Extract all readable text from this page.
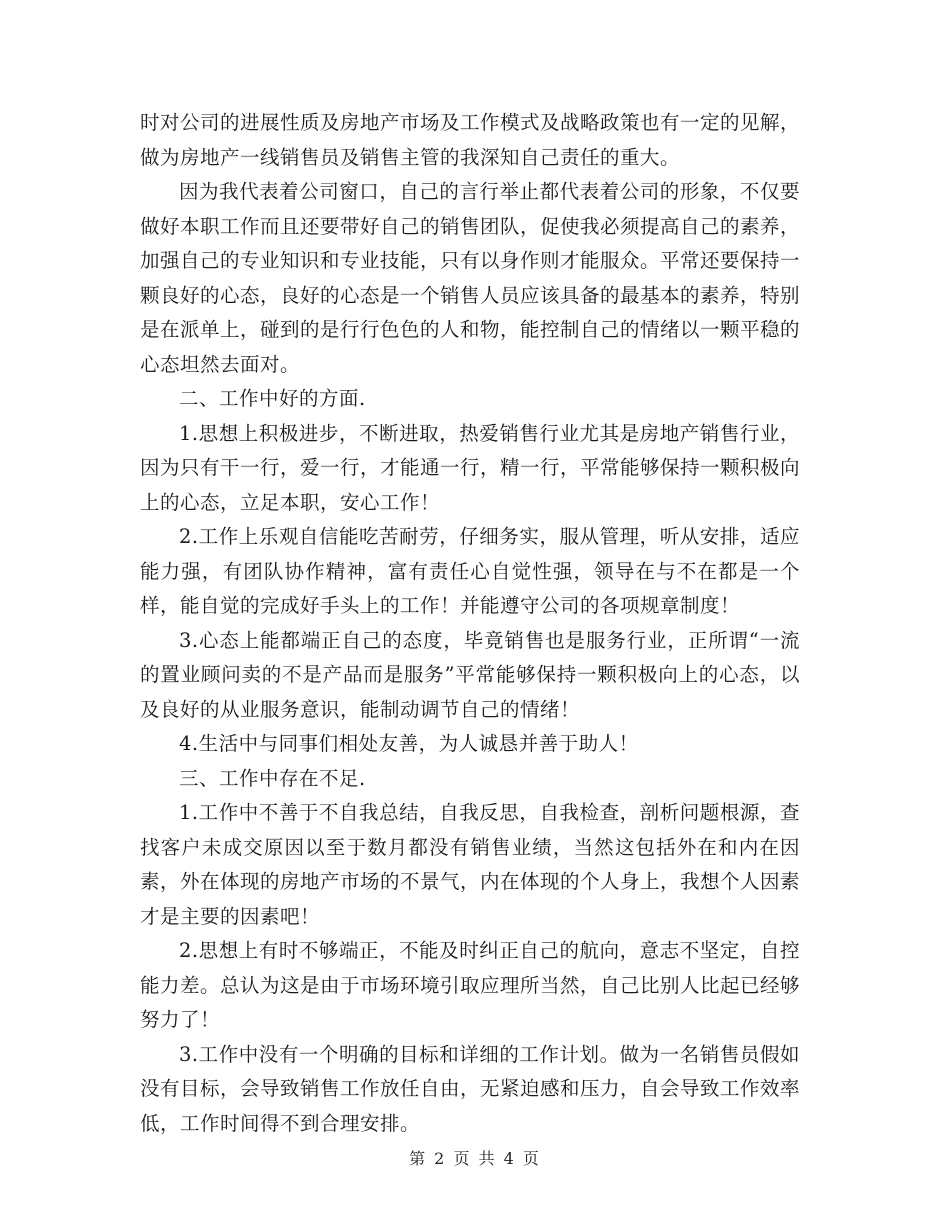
时对公司的进展性质及房地产市场及工作模式及战略政策也有一定的见解，做为房地产一线销售员及销售主管的我深知自己责任的重大。

因为我代表着公司窗口，自己的言行举止都代表着公司的形象，不仅要做好本职工作而且还要带好自己的销售团队，促使我必须提高自己的素养，加强自己的专业知识和专业技能，只有以身作则才能服众。平常还要保持一颗良好的心态，良好的心态是一个销售人员应该具备的最基本的素养，特别是在派单上，碰到的是行行色色的人和物，能控制自己的情绪以一颗平稳的心态坦然去面对。

二、工作中好的方面.

1.思想上积极进步，不断进取，热爱销售行业尤其是房地产销售行业，因为只有干一行，爱一行，才能通一行，精一行，平常能够保持一颗积极向上的心态，立足本职，安心工作！

2.工作上乐观自信能吃苦耐劳，仔细务实，服从管理，听从安排，适应能力强，有团队协作精神，富有责任心自觉性强，领导在与不在都是一个样，能自觉的完成好手头上的工作！并能遵守公司的各项规章制度！

3.心态上能都端正自己的态度，毕竟销售也是服务行业，正所谓“一流的置业顾问卖的不是产品而是服务”平常能够保持一颗积极向上的心态，以及良好的从业服务意识，能制动调节自己的情绪！

4.生活中与同事们相处友善，为人诚恳并善于助人！

三、工作中存在不足.

1.工作中不善于不自我总结，自我反思，自我检查，剖析问题根源，查找客户未成交原因以至于数月都没有销售业绩，当然这包括外在和内在因素，外在体现的房地产市场的不景气，内在体现的个人身上，我想个人因素才是主要的因素吧！

2.思想上有时不够端正，不能及时纠正自己的航向，意志不坚定，自控能力差。总认为这是由于市场环境引取应理所当然，自己比别人比起已经够努力了！

3.工作中没有一个明确的目标和详细的工作计划。做为一名销售员假如没有目标，会导致销售工作放任自由，无紧迫感和压力，自会导致工作效率低，工作时间得不到合理安排。

第 2 页 共 4 页
